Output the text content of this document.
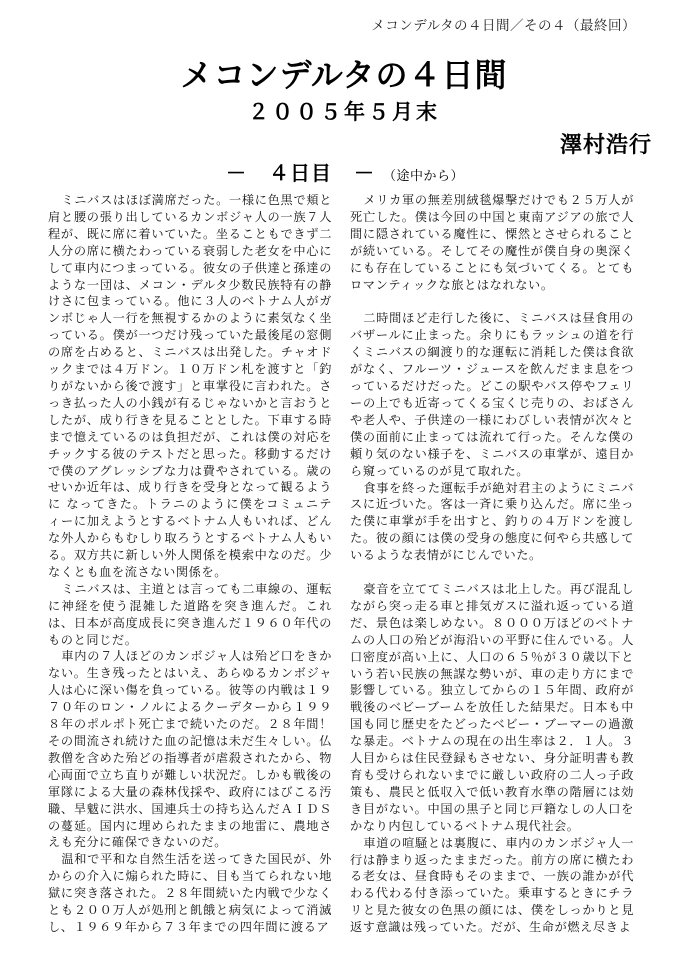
メコンデルタの４日間／その４（最終回）
メコンデルタの４日間
２００５年５月末
澤村浩行
－ ４日目 － （途中から）

ミニバスはほぼ満席だった。一様に色黒で頬と肩と腰の張り出しているカンボジャ人の一族７人程が、既に席に着いていた。坐ることもできず二人分の席に横たわっている衰弱した老女を中心にして車内につまっている。彼女の子供達と孫達のような一団は、メコン・デルタ少数民族特有の静けさに包まっている。他に３人のベトナム人がガンボじゃ人一行を無視するかのように素気なく坐っている。僕が一つだけ残っていた最後尾の窓側の席を占めると、ミニバスは出発した。チャオドックまでは４万ドン。１０万ドン札を渡すと「釣りがないから後で渡す」と車掌役に言われた。さっき払った人の小銭が有るじゃないかと言おうとしたが、成り行きを見ることとした。下車する時まで憶えているのは負担だが、これは僕の対応をチックする彼のテストだと思った。移動するだけで僕のアグレッシブな力は費やされている。歳のせいか近年は、成り行きを受身となって観るように なってきた。トラニのように僕をコミュニティーに加えようとするベトナム人もいれば、どんな外人からもむしり取ろうとするベトナム人もいる。双方共に新しい外人関係を模索中なのだ。少なくとも血を流さない関係を。

ミニバスは、主道とは言っても二車線の、運転に神経を使う混雑した道路を突き進んだ。これは、日本が高度成長に突き進んだ１９６０年代のものと同じだ。

車内の７人ほどのカンボジャ人は殆ど口をきかない。生き残ったとはいえ、あらゆるカンボジャ人は心に深い傷を負っている。彼等の内戦は１９７０年のロン・ノルによるクーデターから１９９８年のポルポト死亡まで続いたのだ。２８年間！その間流され続けた血の記憶は未だ生々しい。仏教僧を含めた殆どの指導者が虐殺されたから、物心両面で立ち直りが難しい状況だ。しかも戦後の軍隊による大量の森林伐採や、政府にはびこる汚職、旱魃に洪水、国連兵士の持ち込んだＡＩＤＳの蔓延。国内に埋められたままの地雷に、農地さえも充分に確保できないのだ。

温和で平和な自然生活を送ってきた国民が、外からの介入に煽られた時に、目も当てられない地獄に突き落された。２８年間続いた内戦で少なくとも２００万人が処刑と飢餓と病気によって消滅し、１９６９年から７３年までの四年間に渡るア

メリカ軍の無差別絨毯爆撃だけでも２５万人が死亡した。僕は今回の中国と東南アジアの旅で人間に隠されている魔性に、慄然とさせられることが続いている。そしてその魔性が僕自身の奥深くにも存在していることにも気づいてくる。とてもロマンティックな旅とはなれない。

二時間ほど走行した後に、ミニバスは昼食用のバザールに止まった。余りにもラッシュの道を行くミニバスの綱渡り的な運転に消耗した僕は食欲がなく、フルーツ・ジュースを飲んだまま息をつっているだけだった。どこの駅やバス停やフェリーの上でも近寄ってくる宝くじ売りの、おばさんや老人や、子供達の一様にわびしい表情が次々と僕の面前に止まっては流れて行った。そんな僕の頼り気のない様子を、ミニバスの車掌が、遠目から窺っているのが見て取れた。

食事を終った運転手が絶対君主のようにミニバスに近づいた。客は一斉に乗り込んだ。席に坐った僕に車掌が手を出すと、釣りの４万ドンを渡した。彼の顔には僕の受身の態度に何やら共感しているような表情がにじんでいた。

豪音を立ててミニバスは北上した。再び混乱しながら突っ走る車と排気ガスに溢れ返っている道だ、景色は楽しめない。８０００万ほどのベトナムの人口の殆どが海沿いの平野に住んでいる。人口密度が高い上に、人口の６５％が３０歳以下という若い民族の無謀な勢いが、車の走り方にまで影響している。独立してからの１５年間、政府が戦後のベビーブームを放任した結果だ。日本も中国も同じ歴史をたどったベビー・ブーマーの過激な暴走。ベトナムの現在の出生率は２．１人。３人目からは住民登録もさせない、身分証明書も教育も受けられないまでに厳しい政府の二人っ子政策も、農民と低収入で低い教育水準の階層には効き目がない。中国の黒子と同じ戸籍なしの人口をかなり内包しているベトナム現代社会。

車道の喧騒とは裏腹に、車内のカンボジャ人一行は静まり返ったままだった。前方の席に横たわる老女は、昼食時もそのままで、一族の誰かが代わる代わる付き添っていた。乗車するときにチラリと見た彼女の色黒の顔には、僕をしっかりと見返す意識は残っていた。だが、生命が燃え尽きよ
